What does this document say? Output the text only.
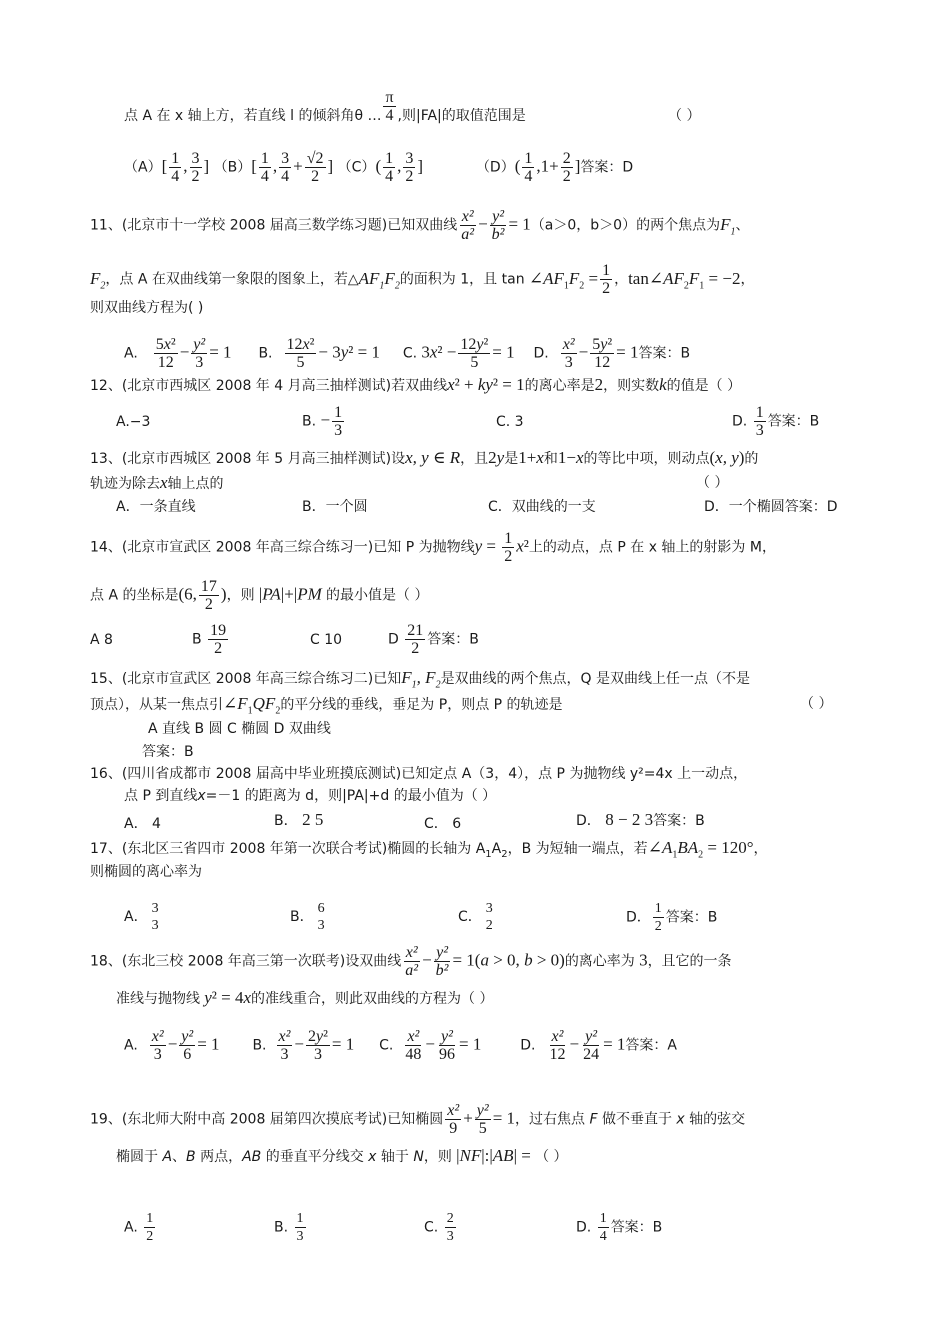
点 A 在 x 轴上方，若直线 l 的倾斜角θ … $\frac{\pi}{4}$ ,则|FA|的取值范围是	（ ）
$(A)[ \frac{1}{4}$ , $\frac{3}{2}$ ] $(B)[ \frac{1}{4}$ , $\frac{3}{4} + \frac{√2}{2}$ ] $(C)( \frac{1}{4}$ , $\frac{3}{2}$ ]	$(D)( \frac{1}{4} ,1+ \frac{2}{2}$ ]答案：D
11、(北京市十一学校 2008 届高三数学练习题)已知双曲线 $\frac{\text{x²}}{\text{a²}} - \frac{\text{y²}}{\text{b²}} = 1(a>0$，b＞0）的两个焦点为$F_1$、
$F_2$，点 A 在双曲线第一象限的图象上，若$\triangle AF_1F_2$的面积为 1，且 $\tan \angle AF_1F_2 = \frac{1}{2}$ ，$\tan\angle AF_2F_1 = -2$，
则双曲线方程为( )
A. $\frac{\text{5x²}}{12} - \frac{\text{y²}}{3} = 1$ B. $\frac{\text{12x²}}{5} - 3y^2 = 1$ C. $3x^2 - \frac{\text{12y²}}{5} = 1$ D. $\frac{\text{x²}}{3} - \frac{\text{5y²}}{12} = 1$答案：B
12、(北京市西城区 2008 年 4 月高三抽样测试)若双曲线x² + ky² = 1的离心率是2，则实数k的值是（ ）
A.−3	B. − $\frac{1}{3}$	C. 3	D. $\frac{1}{3}$ 答案：B
13、(北京市西城区 2008 年 5 月高三抽样测试)设x, y ∈ R，且2y是1+x和1−x的等比中项，则动点(x, y)的
轨迹为除去x轴上点的	（ ）
A．一条直线	B．一个圆	C．双曲线的一支	D．一个椭圆答案：D
14、(北京市宣武区 2008 年高三综合练习一)已知 P 为抛物线$y = \frac{1}{2} x^2$上的动点，点 P 在 x 轴上的射影为 M，
点 A 的坐标是(6, $\frac{17}{2}$ )，则 |PA|+|PM 的最小值是（ ）
A 8	B $\frac{19}{2}$	C 10	D $\frac{21}{2}$ 答案：B
15、(北京市宣武区 2008 年高三综合练习二)已知$F_1$, $F_2$是双曲线的两个焦点，Q 是双曲线上任一点（不是
顶点），从某一焦点引$\angle F_1QF_2$的平分线的垂线，垂足为 P，则点 P 的轨迹是	（ ）
A 直线 B 圆 C 椭圆 D 双曲线
答案：B
16、(四川省成都市 2008 届高中毕业班摸底测试)已知定点 A（3，4），点 P 为抛物线 y²=4x 上一动点，
点 P 到直线x=－1 的距离为 d，则|PA|+d 的最小值为（ ）
A． 4	B． 2 5	C． 6	D． 8 − 2 3答案：B
17、(东北区三省四市 2008 年第一次联合考试)椭圆的长轴为 $A_1A_2$，B 为短轴一端点，若$\angle A_1BA_2 = 120^\circ$，
则椭圆的离心率为
A．
3
3
B．
6
3
C．
3
2	D． $\frac{1}{2}$ 答案：B
18、(东北三校 2008 年高三第一次联考)设双曲线 $\frac{\text{x²}}{\text{a²}} - \frac{\text{y²}}{\text{b²}} = 1(a > 0$, b > 0)的离心率为 3，且它的一条
准线与抛物线 y² = 4x的准线重合，则此双曲线的方程为（ ）
A. $\frac{\text{x²}}{3} - \frac{\text{y²}}{6} = 1$ B. $\frac{\text{x²}}{3} - \frac{\text{2y²}}{3} = 1$ C. $\frac{\text{x²}}{48} - \frac{\text{y²}}{96} = 1$	D. $\frac{\text{x²}}{12} - \frac{\text{y²}}{24} = 1$答案：A
19、(东北师大附中高 2008 届第四次摸底考试)已知椭圆 $\frac{\text{x²}}{9} + \frac{\text{y²}}{5} = 1$，过右焦点 F 做不垂直于 x 轴的弦交
椭圆于 A、B 两点，AB 的垂直平分线交 x 轴于 N，则 |NF|:|AB| = （ ）
A. $\frac{1}{2}$	B. $\frac{1}{3}$	C. $\frac{2}{3}$	D. $\frac{1}{4}$ 答案：B
